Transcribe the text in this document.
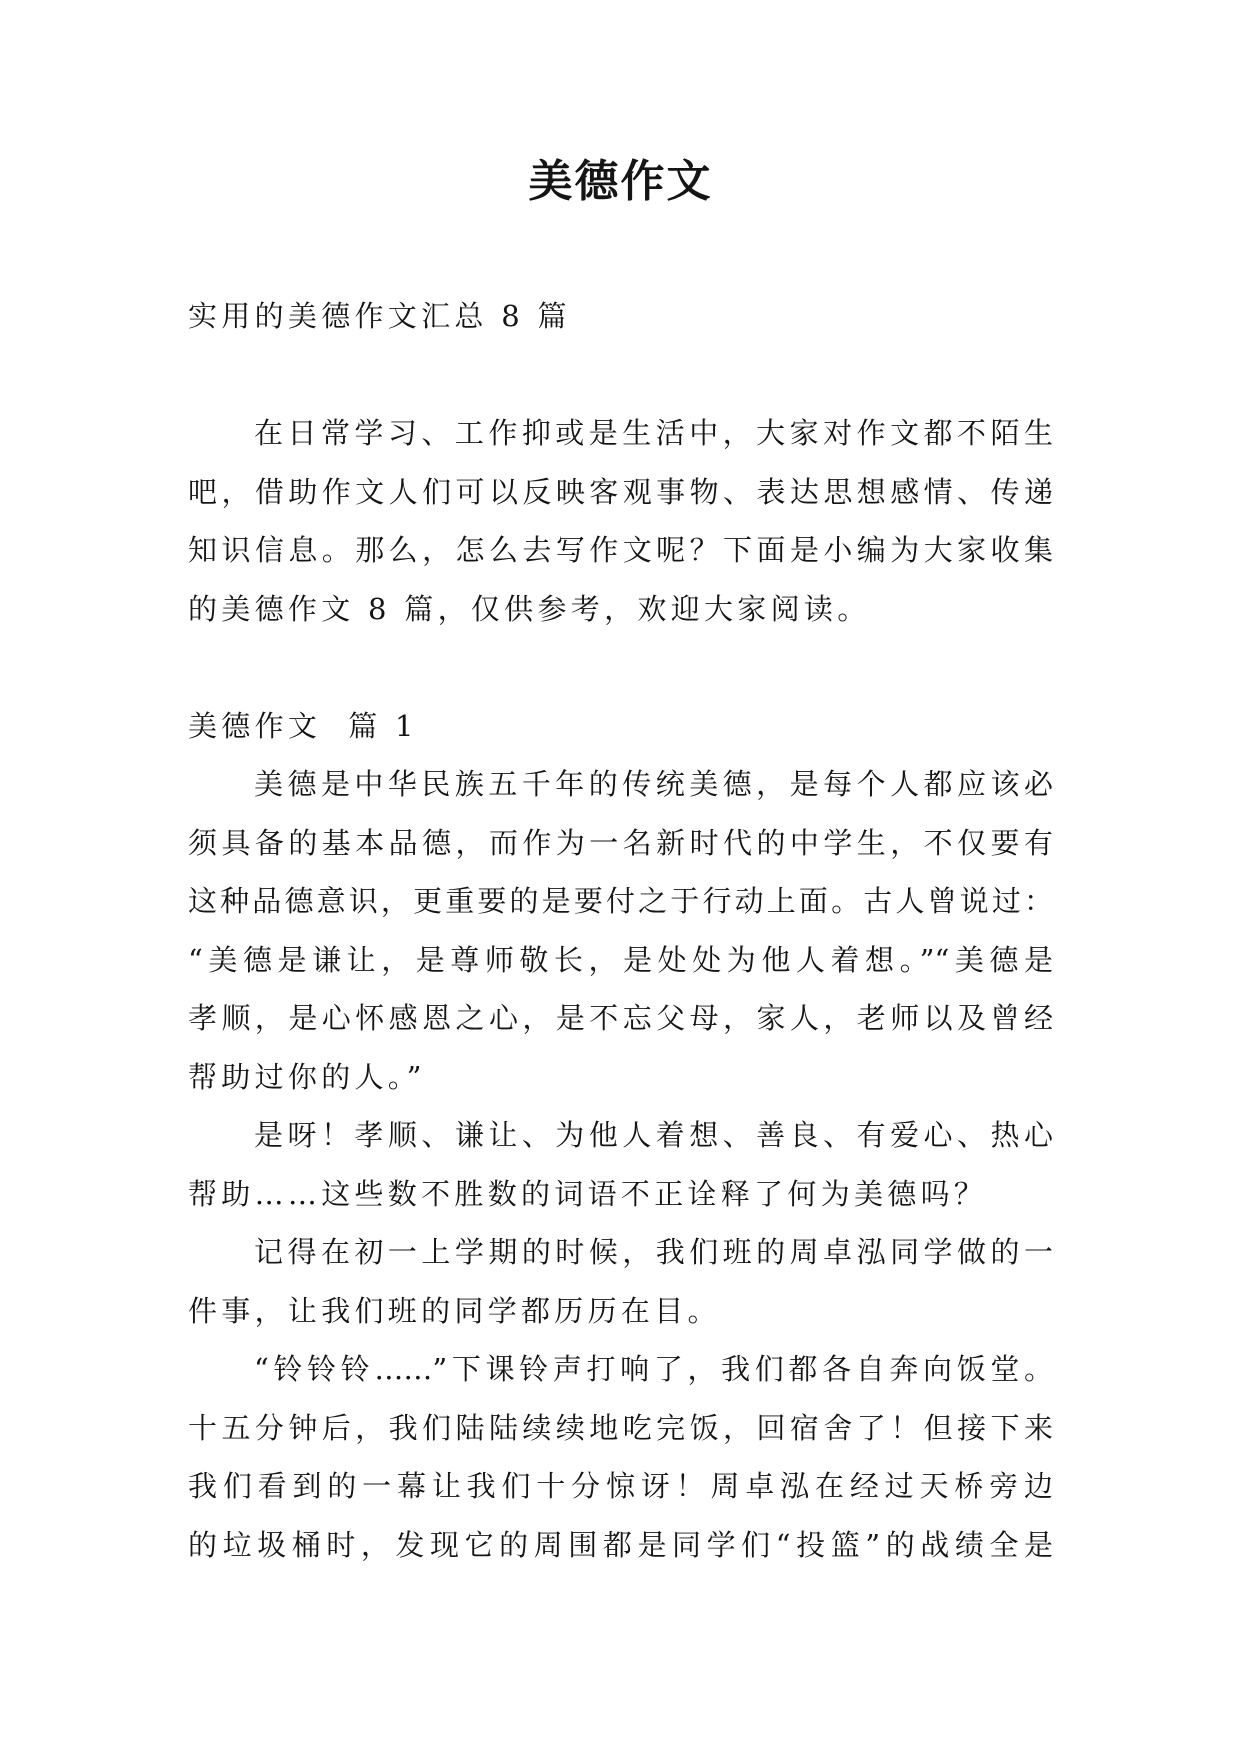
美德作文
实用的美德作文汇总 8 篇
在日常学习、工作抑或是生活中，大家对作文都不陌生
吧，借助作文人们可以反映客观事物、表达思想感情、传递
知识信息。那么，怎么去写作文呢？下面是小编为大家收集
的美德作文 8 篇，仅供参考，欢迎大家阅读。
美德作文  篇 1
美德是中华民族五千年的传统美德，是每个人都应该必
须具备的基本品德，而作为一名新时代的中学生，不仅要有
这种品德意识，更重要的是要付之于行动上面。古人曾说过：
“美德是谦让，是尊师敬长，是处处为他人着想。”“美德是
孝顺，是心怀感恩之心，是不忘父母，家人，老师以及曾经
帮助过你的人。”
是呀！孝顺、谦让、为他人着想、善良、有爱心、热心
帮助……这些数不胜数的词语不正诠释了何为美德吗？
记得在初一上学期的时候，我们班的周卓泓同学做的一
件事，让我们班的同学都历历在目。
“铃铃铃……”下课铃声打响了，我们都各自奔向饭堂。
十五分钟后，我们陆陆续续地吃完饭，回宿舍了！但接下来
我们看到的一幕让我们十分惊讶！周卓泓在经过天桥旁边
的垃圾桶时，发现它的周围都是同学们“投篮”的战绩全是
